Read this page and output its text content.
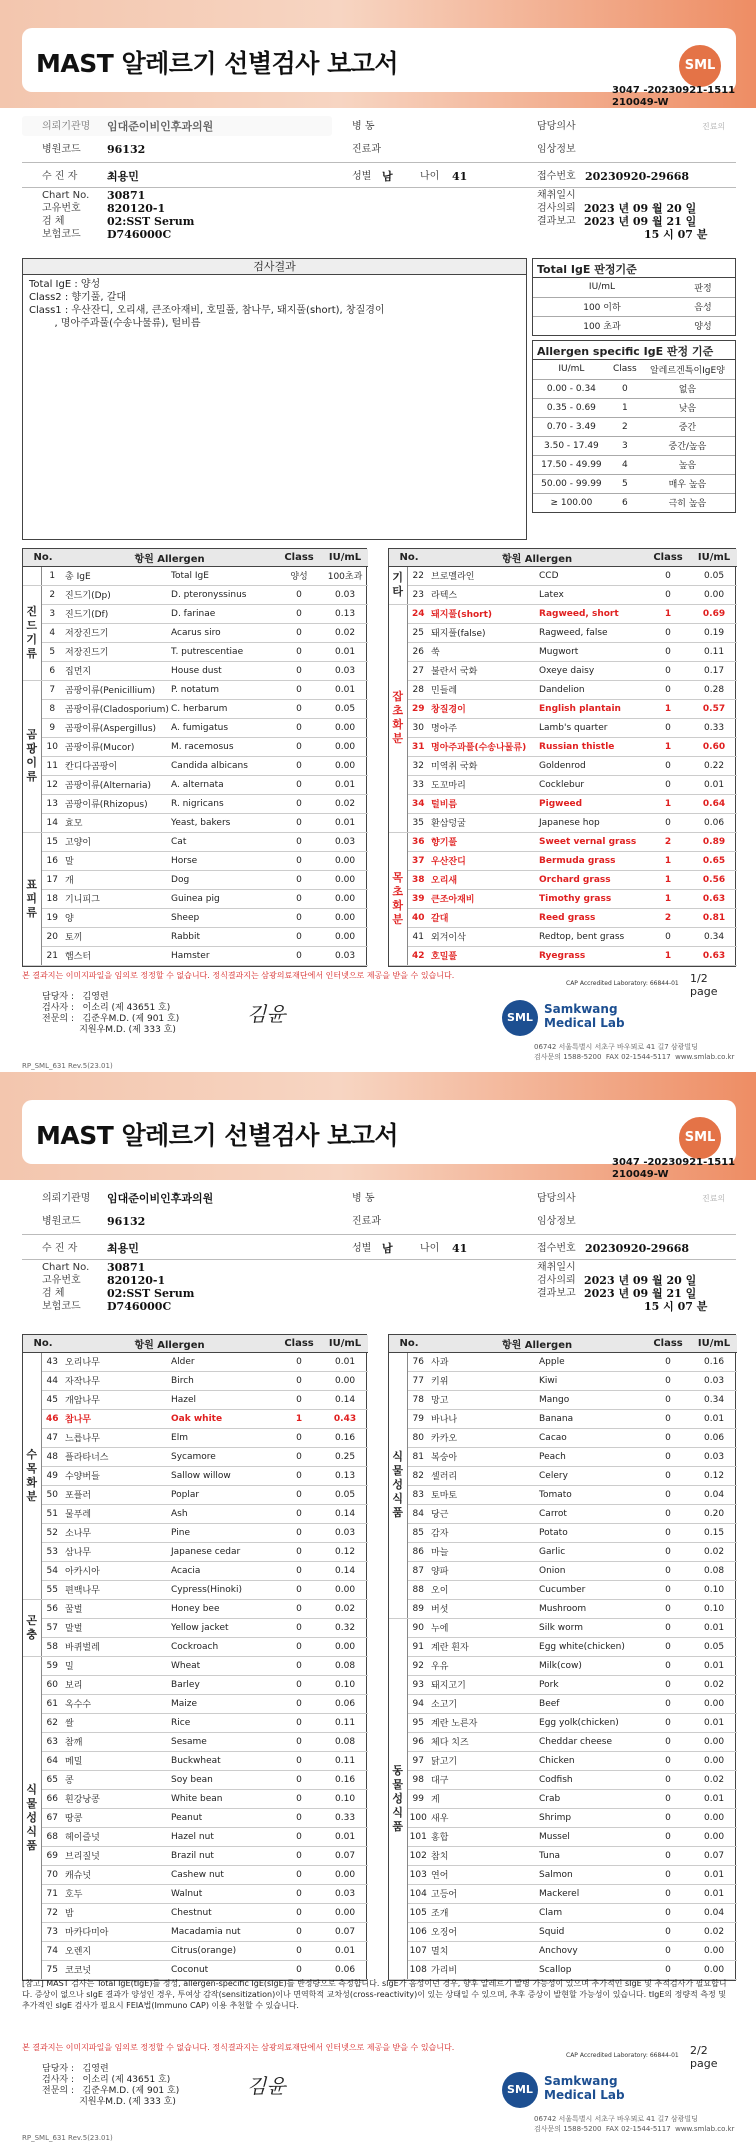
MAST 알레르기 선별검사 보고서	SML
3047 -20230921-1511
210049-W
의뢰기관명 임대준이비인후과의원
병원코드 96132
수 진 자	최용민
Chart No. 30871
고유번호 820120-1
검 체	02:SST Serum
보험코드 D746000C
병 동
진료과
성별 남	나이 41
담당의사	진료의
임상정보
접수번호 20230920-29668
채취일시
검사의뢰 2023 년 09 월 20 일
결과보고 2023 년 09 월 21 일
15 시 07 분
검사결과
Total IgE : 양성
Class2 : 향기풀, 갈대
Class1 : 우산잔디, 오리새, 큰조아재비, 호밀풀, 참나무, 돼지풀(short), 창질경이
, 명아주과풀(수송나물류), 털비름
Total IgE 판정기준
IU/mL	판정
100 이하	음성
100 초과	양성
Allergen specific IgE 판정 기준
IU/mL	Class	알레르겐특이IgE양
0.00 - 0.34	0	없음
0.35 - 0.69	1	낮음
0.70 - 3.49	2	중간
3.50 - 17.49	3	중간/높음
17.50 - 49.99	4	높음
50.00 - 99.99	5	매우 높음
≥ 100.00	6	극히 높음
No.		항원 Allergen		Class	IU/mL
	1	총 IgE	Total IgE	양성	100초과
진
드
기
류	2	진드기(Dp)	D. pteronyssinus	0	0.03
	3	진드기(Df)	D. farinae	0	0.13
	4	저장진드기	Acarus siro	0	0.02
	5	저장진드기	T. putrescentiae	0	0.01
	6	집먼지	House dust	0	0.03
곰
팡
이
류	7	곰팡이류(Penicillium)	P. notatum	0	0.01
	8	곰팡이류(Cladosporium)	C. herbarum	0	0.05
	9	곰팡이류(Aspergillus)	A. fumigatus	0	0.00
	10	곰팡이류(Mucor)	M. racemosus	0	0.00
	11	칸디다곰팡이	Candida albicans	0	0.00
	12	곰팡이류(Alternaria)	A. alternata	0	0.01
	13	곰팡이류(Rhizopus)	R. nigricans	0	0.02
	14	효모	Yeast, bakers	0	0.01
표
피
류	15	고양이	Cat	0	0.03
	16	말	Horse	0	0.00
	17	개	Dog	0	0.00
	18	기니피그	Guinea pig	0	0.00
	19	양	Sheep	0	0.00
	20	토끼	Rabbit	0	0.00
	21	햄스터	Hamster	0	0.03
No.		항원 Allergen		Class	IU/mL
기
타	22	브로멜라인	CCD	0	0.05
	23	라텍스	Latex	0	0.00
잡
초
화
분	24	돼지풀(short)	Ragweed, short	1	0.69
	25	돼지풀(false)	Ragweed, false	0	0.19
	26	쑥	Mugwort	0	0.11
	27	불란서 국화	Oxeye daisy	0	0.17
	28	민들레	Dandelion	0	0.28
	29	창질경이	English plantain	1	0.57
	30	명아주	Lamb's quarter	0	0.33
	31	명아주과풀(수송나물류)	Russian thistle	1	0.60
	32	미역취 국화	Goldenrod	0	0.22
	33	도꼬마리	Cocklebur	0	0.01
	34	털비름	Pigweed	1	0.64
	35	환삼덩굴	Japanese hop	0	0.06
목
초
화
분	36	향기풀	Sweet vernal grass	2	0.89
	37	우산잔디	Bermuda grass	1	0.65
	38	오리새	Orchard grass	1	0.56
	39	큰조아재비	Timothy grass	1	0.63
	40	갈대	Reed grass	2	0.81
	41	외겨이삭	Redtop, bent grass	0	0.34
	42	호밀풀	Ryegrass	1	0.63
본 결과지는 이미지파일을 임의로 정정할 수 없습니다. 정식결과지는 삼광의료재단에서 인터넷으로 제공을 받을 수 있습니다.
CAP Accredited Laboratory: 66844-01 1/2 page
담당자 :   김영련
검사자 :   이소리 (제 43651 호)
전문의 :   김준우M.D. (제 901 호)
지원우M.D. (제 333 호)
김윤	SML
Samkwang
Medical Lab
06742 서울특별시 서초구 바우뫼로 41 길7 삼광빌딩
검사문의 1588-5200  FAX 02-1544-5117  www.smlab.co.kr
RP_SML_631 Rev.5(23.01)
MAST 알레르기 선별검사 보고서	SML
3047 -20230921-1511
210049-W
의뢰기관명 임대준이비인후과의원
병원코드 96132
수 진 자	최용민
Chart No. 30871
고유번호 820120-1
검 체	02:SST Serum
보험코드 D746000C
병 동
진료과
성별 남	나이 41
담당의사	진료의
임상정보
접수번호 20230920-29668
채취일시
검사의뢰 2023 년 09 월 20 일
결과보고 2023 년 09 월 21 일
15 시 07 분
No.		항원 Allergen		Class	IU/mL
수
목
화
분	43	오리나무	Alder	0	0.01
	44	자작나무	Birch	0	0.00
	45	개암나무	Hazel	0	0.14
	46	참나무	Oak white	1	0.43
	47	느릅나무	Elm	0	0.16
	48	플라타너스	Sycamore	0	0.25
	49	수양버들	Sallow willow	0	0.13
	50	포플러	Poplar	0	0.05
	51	물푸레	Ash	0	0.14
	52	소나무	Pine	0	0.03
	53	삼나무	Japanese cedar	0	0.12
	54	아카시아	Acacia	0	0.14
	55	편백나무	Cypress(Hinoki)	0	0.00
곤
충	56	꿀벌	Honey bee	0	0.02
	57	말벌	Yellow jacket	0	0.32
	58	바퀴벌레	Cockroach	0	0.00
식
물
성
식
품	59	밀	Wheat	0	0.08
	60	보리	Barley	0	0.10
	61	옥수수	Maize	0	0.06
	62	쌀	Rice	0	0.11
	63	참깨	Sesame	0	0.08
	64	메밀	Buckwheat	0	0.11
	65	콩	Soy bean	0	0.16
	66	흰강낭콩	White bean	0	0.10
	67	땅콩	Peanut	0	0.33
	68	헤이즐넛	Hazel nut	0	0.01
	69	브리질넛	Brazil nut	0	0.07
	70	캐슈넛	Cashew nut	0	0.00
	71	호두	Walnut	0	0.03
	72	밤	Chestnut	0	0.00
	73	마카다미아	Macadamia nut	0	0.07
	74	오렌지	Citrus(orange)	0	0.01
	75	코코넛	Coconut	0	0.06
No.		항원 Allergen		Class	IU/mL
식
물
성
식
품	76	사과	Apple	0	0.16
	77	키위	Kiwi	0	0.03
	78	망고	Mango	0	0.34
	79	바나나	Banana	0	0.01
	80	카카오	Cacao	0	0.06
	81	복숭아	Peach	0	0.03
	82	셀러리	Celery	0	0.12
	83	토마토	Tomato	0	0.04
	84	당근	Carrot	0	0.20
	85	감자	Potato	0	0.15
	86	마늘	Garlic	0	0.02
	87	양파	Onion	0	0.08
	88	오이	Cucumber	0	0.10
	89	버섯	Mushroom	0	0.10
동
물
성
식
품	90	누에	Silk worm	0	0.01
	91	계란 흰자	Egg white(chicken)	0	0.05
	92	우유	Milk(cow)	0	0.01
	93	돼지고기	Pork	0	0.02
	94	소고기	Beef	0	0.00
	95	계란 노른자	Egg yolk(chicken)	0	0.01
	96	체다 치즈	Cheddar cheese	0	0.00
	97	닭고기	Chicken	0	0.00
	98	대구	Codfish	0	0.02
	99	게	Crab	0	0.01
	100	새우	Shrimp	0	0.00
	101	홍합	Mussel	0	0.00
	102	참치	Tuna	0	0.07
	103	연어	Salmon	0	0.01
	104	고등어	Mackerel	0	0.01
	105	조개	Clam	0	0.04
	106	오징어	Squid	0	0.02
	107	멸치	Anchovy	0	0.00
	108	가리비	Scallop	0	0.00
[참고] MAST 검사는 Total IgE(tIgE)를 정성, allergen-specific IgE(sIgE)를 반정량으로 측정합니다. sIgE가 음성이던 경우, 향후 알레르기 발병 가능성이 있으며 추가적인 sIgE 및 추적검사가 필요합니다. 증상이 없으나 sIgE 결과가 양성인 경우, 투여상 감작(sensitization)이나 면역학적 교차성(cross-reactivity)이 있는 상태일 수 있으며, 추후 증상이 발현할 가능성이 있습니다. tIgE의 정량적 측정 및 추가적인 sIgE 검사가 필요시 FEIA법(Immuno CAP) 이용 추천할 수 있습니다.
본 결과지는 이미지파일을 임의로 정정할 수 없습니다. 정식결과지는 삼광의료재단에서 인터넷으로 제공을 받을 수 있습니다.
CAP Accredited Laboratory: 66844-01 2/2 page
담당자 :   김영련
검사자 :   이소리 (제 43651 호)
전문의 :   김준우M.D. (제 901 호)
지원우M.D. (제 333 호)
김윤	SML
Samkwang
Medical Lab
06742 서울특별시 서초구 바우뫼로 41 길7 삼광빌딩
검사문의 1588-5200  FAX 02-1544-5117  www.smlab.co.kr
RP_SML_631 Rev.5(23.01)
